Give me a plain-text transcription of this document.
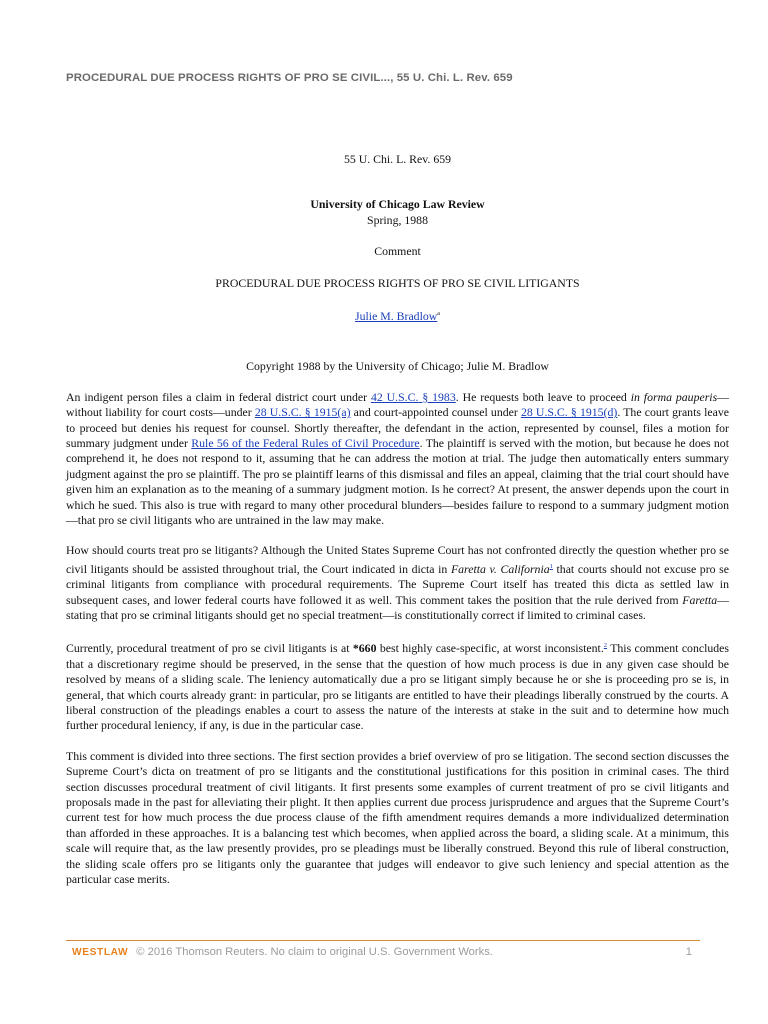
PROCEDURAL DUE PROCESS RIGHTS OF PRO SE CIVIL..., 55 U. Chi. L. Rev. 659
55 U. Chi. L. Rev. 659
University of Chicago Law Review
Spring, 1988
Comment
PROCEDURAL DUE PROCESS RIGHTS OF PRO SE CIVIL LITIGANTS
Julie M. Bradlow$^a$
Copyright 1988 by the University of Chicago; Julie M. Bradlow

An indigent person files a claim in federal district court under 42 U.S.C. § 1983. He requests both leave to proceed in forma pauperis—without liability for court costs—under 28 U.S.C. § 1915(a) and court-appointed counsel under 28 U.S.C. § 1915(d). The court grants leave to proceed but denies his request for counsel. Shortly thereafter, the defendant in the action, represented by counsel, files a motion for summary judgment under Rule 56 of the Federal Rules of Civil Procedure. The plaintiff is served with the motion, but because he does not comprehend it, he does not respond to it, assuming that he can address the motion at trial. The judge then automatically enters summary judgment against the pro se plaintiff. The pro se plaintiff learns of this dismissal and files an appeal, claiming that the trial court should have given him an explanation as to the meaning of a summary judgment motion. Is he correct? At present, the answer depends upon the court in which he sued. This also is true with regard to many other procedural blunders—besides failure to respond to a summary judgment motion—that pro se civil litigants who are untrained in the law may make.

How should courts treat pro se litigants? Although the United States Supreme Court has not confronted directly the question whether pro se civil litigants should be assisted throughout trial, the Court indicated in dicta in Faretta v. California$^1$ that courts should not excuse pro se criminal litigants from compliance with procedural requirements. The Supreme Court itself has treated this dicta as settled law in subsequent cases, and lower federal courts have followed it as well. This comment takes the position that the rule derived from Faretta—stating that pro se criminal litigants should get no special treatment—is constitutionally correct if limited to criminal cases.

Currently, procedural treatment of pro se civil litigants is at *660 best highly case-specific, at worst inconsistent.$^2$ This comment concludes that a discretionary regime should be preserved, in the sense that the question of how much process is due in any given case should be resolved by means of a sliding scale. The leniency automatically due a pro se litigant simply because he or she is proceeding pro se is, in general, that which courts already grant: in particular, pro se litigants are entitled to have their pleadings liberally construed by the courts. A liberal construction of the pleadings enables a court to assess the nature of the interests at stake in the suit and to determine how much further procedural leniency, if any, is due in the particular case.

This comment is divided into three sections. The first section provides a brief overview of pro se litigation. The second section discusses the Supreme Court’s dicta on treatment of pro se litigants and the constitutional justifications for this position in criminal cases. The third section discusses procedural treatment of civil litigants. It first presents some examples of current treatment of pro se civil litigants and proposals made in the past for alleviating their plight. It then applies current due process jurisprudence and argues that the Supreme Court’s current test for how much process the due process clause of the fifth amendment requires demands a more individualized determination than afforded in these approaches. It is a balancing test which becomes, when applied across the board, a sliding scale. At a minimum, this scale will require that, as the law presently provides, pro se pleadings must be liberally construed. Beyond this rule of liberal construction, the sliding scale offers pro se litigants only the guarantee that judges will endeavor to give such leniency and special attention as the particular case merits.

WESTLAW © 2016 Thomson Reuters. No claim to original U.S. Government Works.	1
